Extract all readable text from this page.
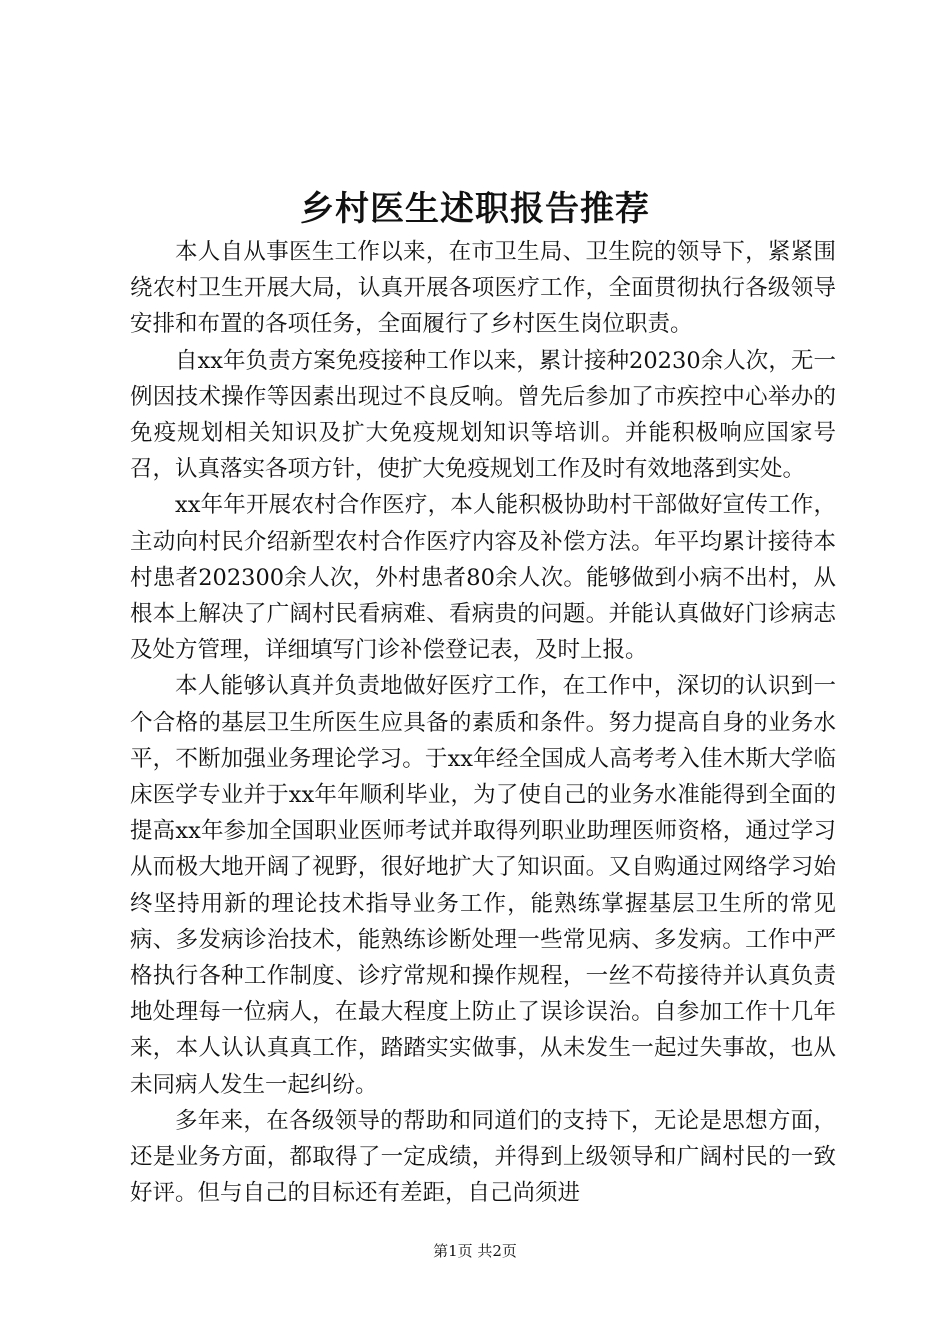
乡村医生述职报告推荐

本人自从事医生工作以来，在市卫生局、卫生院的领导下，紧紧围绕农村卫生开展大局，认真开展各项医疗工作，全面贯彻执行各级领导安排和布置的各项任务，全面履行了乡村医生岗位职责。

自xx年负责方案免疫接种工作以来，累计接种20230余人次，无一例因技术操作等因素出现过不良反响。曾先后参加了市疾控中心举办的免疫规划相关知识及扩大免疫规划知识等培训。并能积极响应国家号召，认真落实各项方针，使扩大免疫规划工作及时有效地落到实处。

xx年年开展农村合作医疗，本人能积极协助村干部做好宣传工作，主动向村民介绍新型农村合作医疗内容及补偿方法。年平均累计接待本村患者202300余人次，外村患者80余人次。能够做到小病不出村，从根本上解决了广阔村民看病难、看病贵的问题。并能认真做好门诊病志及处方管理，详细填写门诊补偿登记表，及时上报。

本人能够认真并负责地做好医疗工作，在工作中，深切的认识到一个合格的基层卫生所医生应具备的素质和条件。努力提高自身的业务水平，不断加强业务理论学习。于xx年经全国成人高考考入佳木斯大学临床医学专业并于xx年年顺利毕业，为了使自己的业务水准能得到全面的提高xx年参加全国职业医师考试并取得列职业助理医师资格，通过学习从而极大地开阔了视野，很好地扩大了知识面。又自购通过网络学习始终坚持用新的理论技术指导业务工作，能熟练掌握基层卫生所的常见病、多发病诊治技术，能熟练诊断处理一些常见病、多发病。工作中严格执行各种工作制度、诊疗常规和操作规程，一丝不苟接待并认真负责地处理每一位病人，在最大程度上防止了误诊误治。自参加工作十几年来，本人认认真真工作，踏踏实实做事，从未发生一起过失事故，也从未同病人发生一起纠纷。

多年来，在各级领导的帮助和同道们的支持下，无论是思想方面，还是业务方面，都取得了一定成绩，并得到上级领导和广阔村民的一致好评。但与自己的目标还有差距，自己尚须进

第1页 共2页
